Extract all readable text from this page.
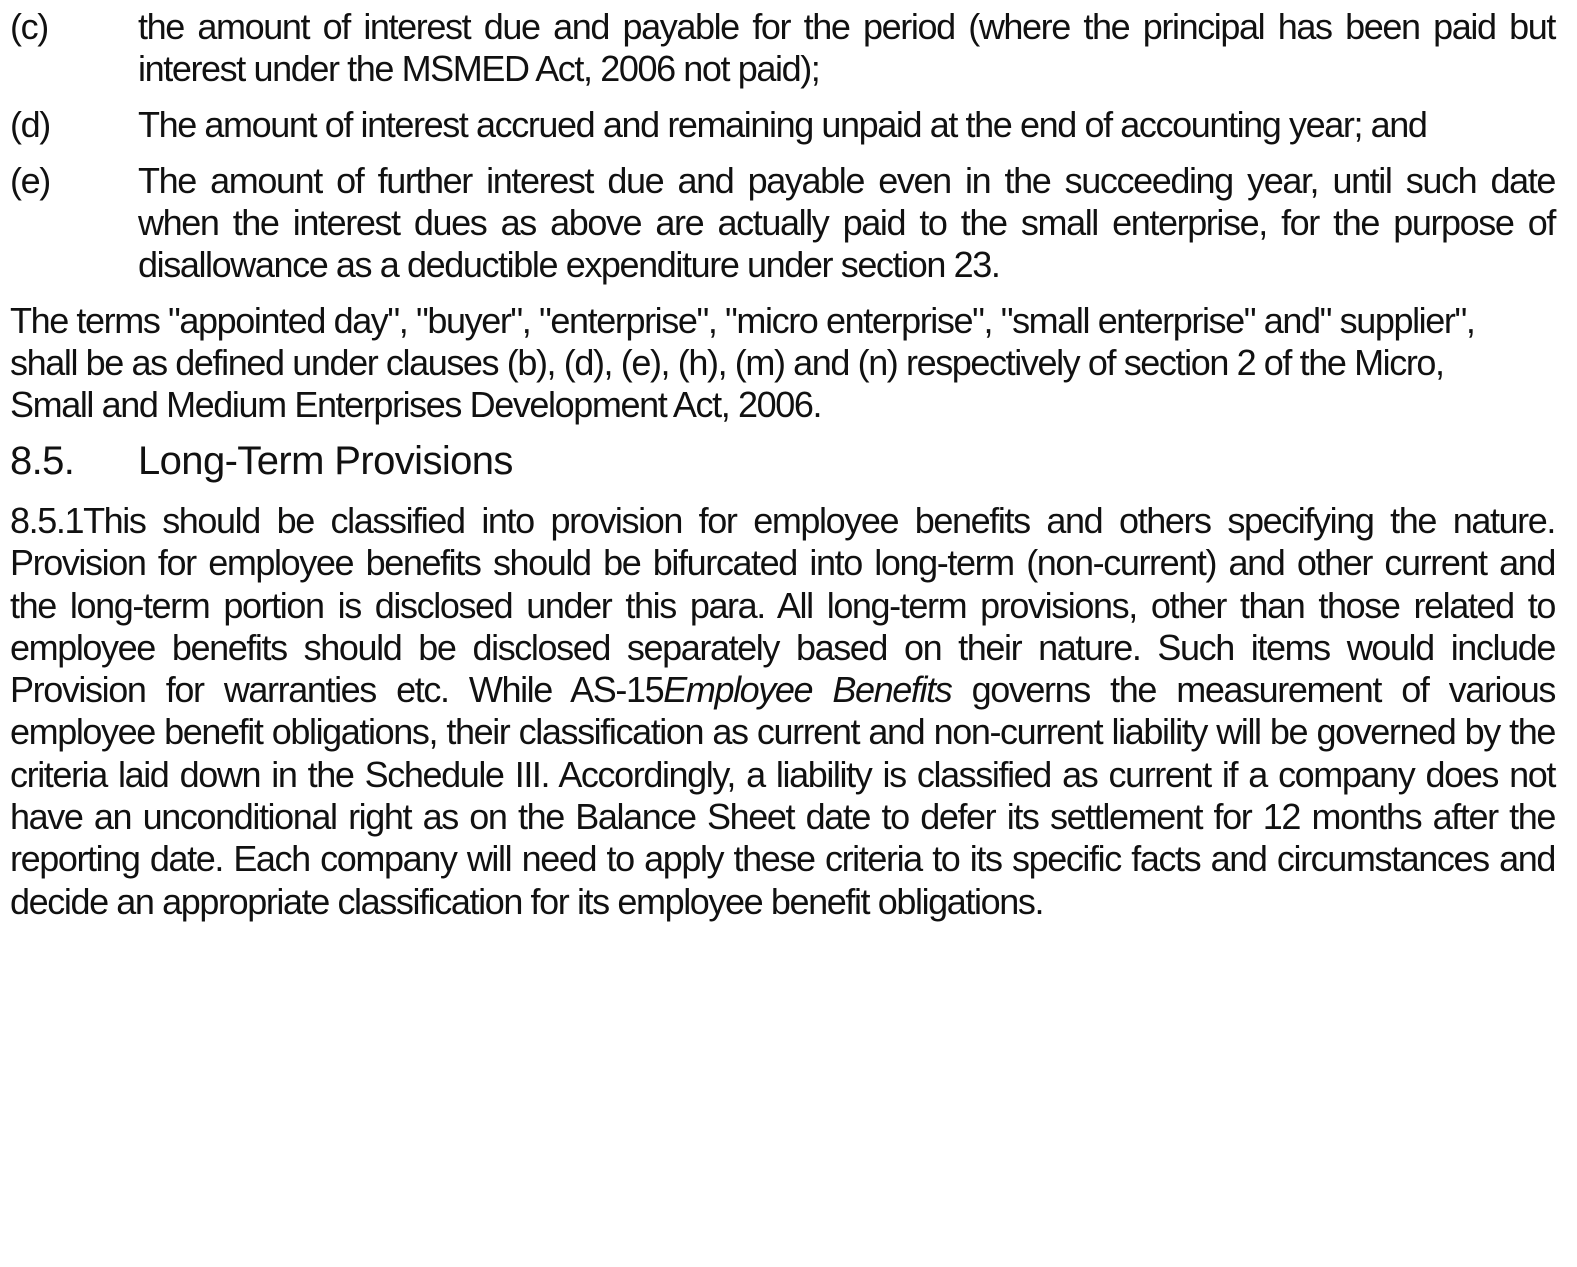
(c)	the amount of interest due and payable for the period (where the principal has been paid but interest under the MSMED Act, 2006 not paid);
(d)	The amount of interest accrued and remaining unpaid at the end of accounting year; and
(e)	The amount of further interest due and payable even in the succeeding year, until such date when the interest dues as above are actually paid to the small enterprise, for the purpose of disallowance as a deductible expenditure under section 23.

The terms "appointed day", "buyer", "enterprise", "micro enterprise", "small enterprise" and" supplier", shall be as defined under clauses (b), (d), (e), (h), (m) and (n) respectively of section 2 of the Micro, Small and Medium Enterprises Development Act, 2006.

8.5.	Long-Term Provisions

8.5.1This should be classified into provision for employee benefits and others specifying the nature. Provision for employee benefits should be bifurcated into long-term (non-current) and other current and the long-term portion is disclosed under this para. All long-term provisions, other than those related to employee benefits should be disclosed separately based on their nature. Such items would include Provision for warranties etc. While AS-15Employee Benefits governs the measurement of various employee benefit obligations, their classification as current and non-current liability will be governed by the criteria laid down in the Schedule III. Accordingly, a liability is classified as current if a company does not have an unconditional right as on the Balance Sheet date to defer its settlement for 12 months after the reporting date. Each company will need to apply these criteria to its specific facts and circumstances and decide an appropriate classification for its employee benefit obligations.
